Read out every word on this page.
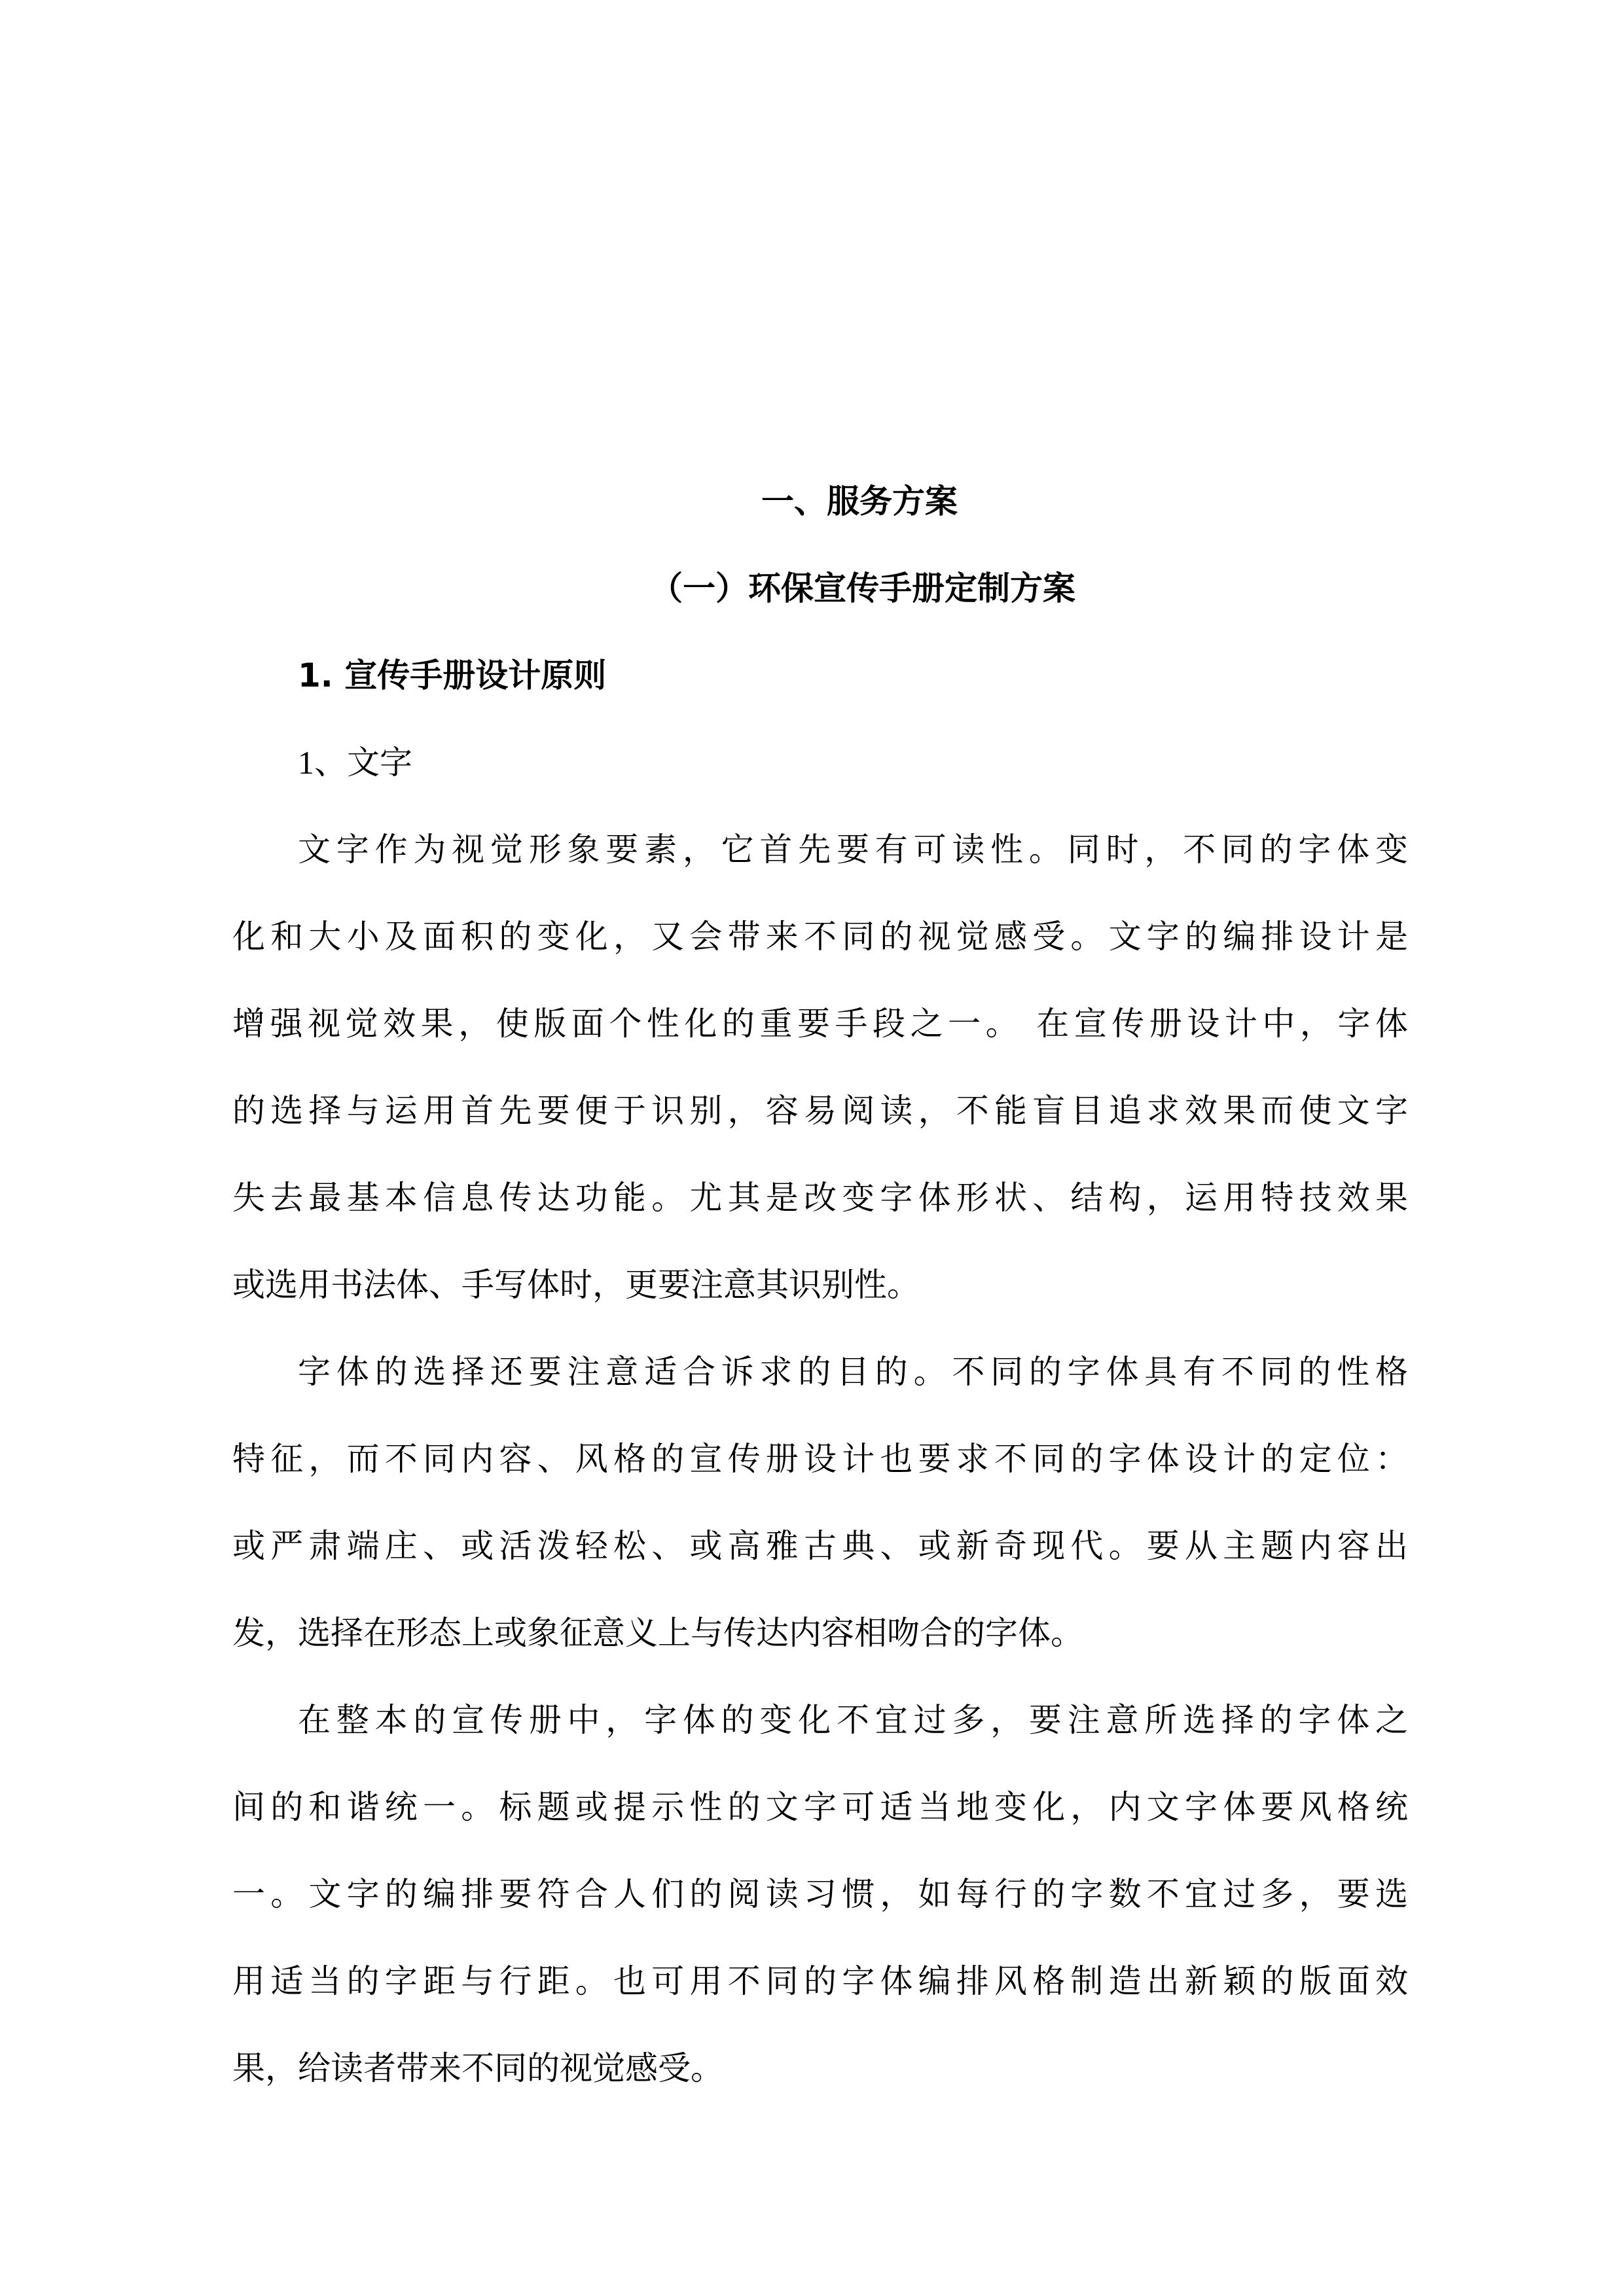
一、服务方案
（一）环保宣传手册定制方案
1. 宣传手册设计原则
1、文字
文字作为视觉形象要素，它首先要有可读性。同时，不同的字体变
化和大小及面积的变化，又会带来不同的视觉感受。文字的编排设计是
增强视觉效果，使版面个性化的重要手段之一。 在宣传册设计中，字体
的选择与运用首先要便于识别，容易阅读，不能盲目追求效果而使文字
失去最基本信息传达功能。尤其是改变字体形状、结构，运用特技效果
或选用书法体、手写体时，更要注意其识别性。
字体的选择还要注意适合诉求的目的。不同的字体具有不同的性格
特征，而不同内容、风格的宣传册设计也要求不同的字体设计的定位：
或严肃端庄、或活泼轻松、或高雅古典、或新奇现代。要从主题内容出
发，选择在形态上或象征意义上与传达内容相吻合的字体。
在整本的宣传册中，字体的变化不宜过多，要注意所选择的字体之
间的和谐统一。标题或提示性的文字可适当地变化，内文字体要风格统
一。文字的编排要符合人们的阅读习惯，如每行的字数不宜过多，要选
用适当的字距与行距。也可用不同的字体编排风格制造出新颖的版面效
果，给读者带来不同的视觉感受。
